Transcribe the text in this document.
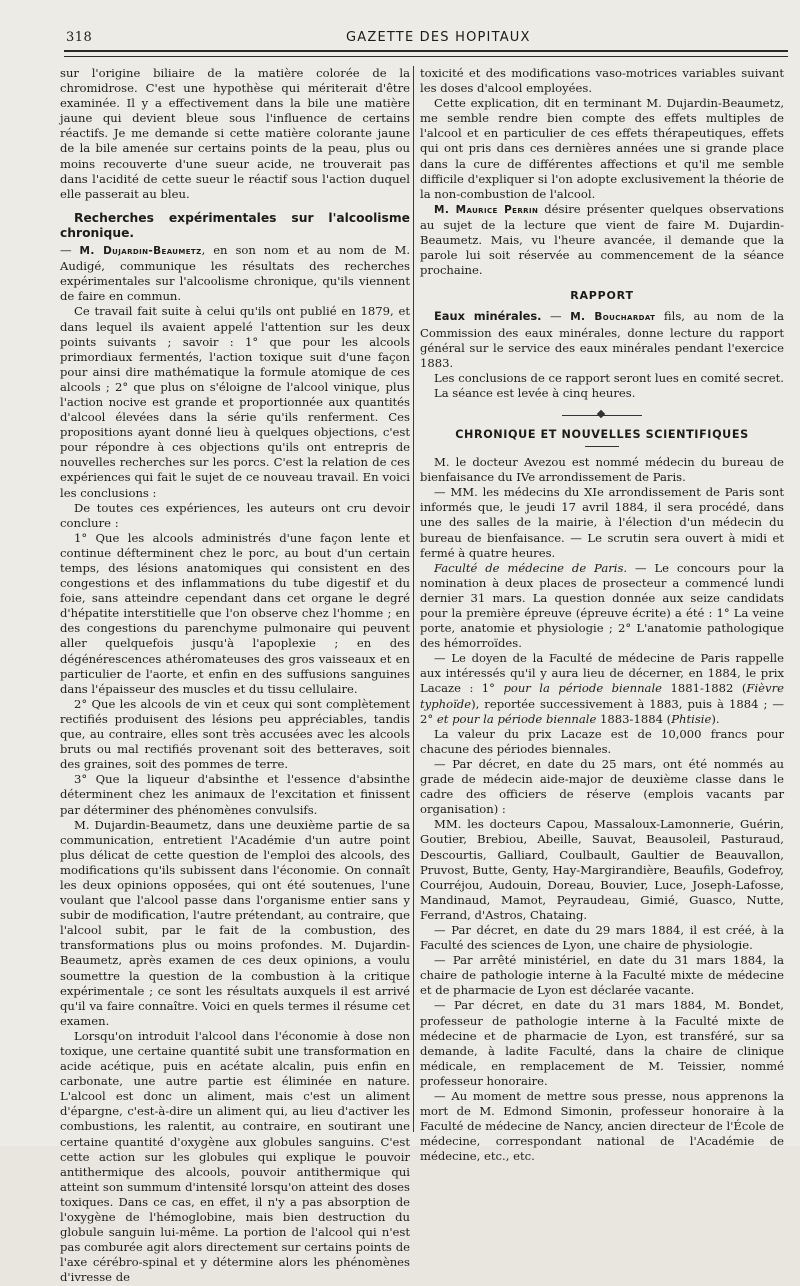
318	GAZETTE DES HOPITAUX

sur l'origine biliaire de la matière colorée de la chromidrose. C'est une hypothèse qui mériterait d'être examinée. Il y a effectivement dans la bile une matière jaune qui devient bleue sous l'influence de certains réactifs. Je me demande si cette matière colorante jaune de la bile amenée sur certains points de la peau, plus ou moins recouverte d'une sueur acide, ne trouverait pas dans l'acidité de cette sueur le réactif sous l'action duquel elle passerait au bleu.

Recherches expérimentales sur l'alcoolisme chronique.

— M. Dujardin-Beaumetz, en son nom et au nom de M. Audigé, communique les résultats des recherches expérimentales sur l'alcoolisme chronique, qu'ils viennent de faire en commun.

Ce travail fait suite à celui qu'ils ont publié en 1879, et dans lequel ils avaient appelé l'attention sur les deux points suivants ; savoir : 1° que pour les alcools primordiaux fermentés, l'action toxique suit d'une façon pour ainsi dire mathématique la formule atomique de ces alcools ; 2° que plus on s'éloigne de l'alcool vinique, plus l'action nocive est grande et proportionnée aux quantités d'alcool élevées dans la série qu'ils renferment. Ces propositions ayant donné lieu à quelques objections, c'est pour répondre à ces objections qu'ils ont entrepris de nouvelles recherches sur les porcs. C'est la relation de ces expériences qui fait le sujet de ce nouveau travail. En voici les conclusions :

De toutes ces expériences, les auteurs ont cru devoir conclure :

1° Que les alcools administrés d'une façon lente et continue défterminent chez le porc, au bout d'un certain temps, des lésions anatomiques qui consistent en des congestions et des inflammations du tube digestif et du foie, sans atteindre cependant dans cet organe le degré d'hépatite interstitielle que l'on observe chez l'homme ; en des congestions du parenchyme pulmonaire qui peuvent aller quelquefois jusqu'à l'apoplexie ; en des dégénérescences athéromateuses des gros vaisseaux et en particulier de l'aorte, et enfin en des suffusions sanguines dans l'épaisseur des muscles et du tissu cellulaire.

2° Que les alcools de vin et ceux qui sont complètement rectifiés produisent des lésions peu appréciables, tandis que, au contraire, elles sont très accusées avec les alcools bruts ou mal rectifiés provenant soit des betteraves, soit des graines, soit des pommes de terre.

3° Que la liqueur d'absinthe et l'essence d'absinthe déterminent chez les animaux de l'excitation et finissent par déterminer des phénomènes convulsifs.

M. Dujardin-Beaumetz, dans une deuxième partie de sa communication, entretient l'Académie d'un autre point plus délicat de cette question de l'emploi des alcools, des modifications qu'ils subissent dans l'économie. On connaît les deux opinions opposées, qui ont été soutenues, l'une voulant que l'alcool passe dans l'organisme entier sans y subir de modification, l'autre prétendant, au contraire, que l'alcool subit, par le fait de la combustion, des transformations plus ou moins profondes. M. Dujardin-Beaumetz, après examen de ces deux opinions, a voulu soumettre la question de la combustion à la critique expérimentale ; ce sont les résultats auxquels il est arrivé qu'il va faire connaître. Voici en quels termes il résume cet examen.

Lorsqu'on introduit l'alcool dans l'économie à dose non toxique, une certaine quantité subit une transformation en acide acétique, puis en acétate alcalin, puis enfin en carbonate, une autre partie est éliminée en nature. L'alcool est donc un aliment, mais c'est un aliment d'épargne, c'est-à-dire un aliment qui, au lieu d'activer les combustions, les ralentit, au contraire, en soutirant une certaine quantité d'oxygène aux globules sanguins. C'est cette action sur les globules qui explique le pouvoir antithermique des alcools, pouvoir antithermique qui atteint son summum d'intensité lorsqu'on atteint des doses toxiques. Dans ce cas, en effet, il n'y a pas absorption de l'oxygène de l'hémoglobine, mais bien destruction du globule sanguin lui-même. La portion de l'alcool qui n'est pas comburée agit alors directement sur certains points de l'axe cérébro-spinal et y détermine alors les phénomènes d'ivresse de

toxicité et des modifications vaso-motrices variables suivant les doses d'alcool employées.

Cette explication, dit en terminant M. Dujardin-Beaumetz, me semble rendre bien compte des effets multiples de l'alcool et en particulier de ces effets thérapeutiques, effets qui ont pris dans ces dernières années une si grande place dans la cure de différentes affections et qu'il me semble difficile d'expliquer si l'on adopte exclusivement la théorie de la non-combustion de l'alcool.

M. Maurice Perrin désire présenter quelques observations au sujet de la lecture que vient de faire M. Dujardin-Beaumetz. Mais, vu l'heure avancée, il demande que la parole lui soit réservée au commencement de la séance prochaine.

RAPPORT

Eaux minérales. — M. Bouchardat fils, au nom de la Commission des eaux minérales, donne lecture du rapport général sur le service des eaux minérales pendant l'exercice 1883.

Les conclusions de ce rapport seront lues en comité secret.

La séance est levée à cinq heures.

CHRONIQUE ET NOUVELLES SCIENTIFIQUES

M. le docteur Avezou est nommé médecin du bureau de bienfaisance du IVe arrondissement de Paris.

— MM. les médecins du XIe arrondissement de Paris sont informés que, le jeudi 17 avril 1884, il sera procédé, dans une des salles de la mairie, à l'élection d'un médecin du bureau de bienfaisance. — Le scrutin sera ouvert à midi et fermé à quatre heures.

Faculté de médecine de Paris. — Le concours pour la nomination à deux places de prosecteur a commencé lundi dernier 31 mars. La question donnée aux seize candidats pour la première épreuve (épreuve écrite) a été : 1° La veine porte, anatomie et physiologie ; 2° L'anatomie pathologique des hémorroïdes.

— Le doyen de la Faculté de médecine de Paris rappelle aux intéressés qu'il y aura lieu de décerner, en 1884, le prix Lacaze : 1° pour la période biennale 1881-1882 (Fièvre typhoïde), reportée successivement à 1883, puis à 1884 ; — 2° et pour la période biennale 1883-1884 (Phtisie).

La valeur du prix Lacaze est de 10,000 francs pour chacune des périodes biennales.

— Par décret, en date du 25 mars, ont été nommés au grade de médecin aide-major de deuxième classe dans le cadre des officiers de réserve (emplois vacants par organisation) :

MM. les docteurs Capou, Massaloux-Lamonnerie, Guérin, Goutier, Brebiou, Abeille, Sauvat, Beausoleil, Pasturaud, Descourtis, Galliard, Coulbault, Gaultier de Beauvallon, Pruvost, Butte, Genty, Hay-Margirandière, Beaufils, Godefroy, Courréjou, Audouin, Doreau, Bouvier, Luce, Joseph-Lafosse, Mandinaud, Mamot, Peyraudeau, Gimié, Guasco, Nutte, Ferrand, d'Astros, Chataing.

— Par décret, en date du 29 mars 1884, il est créé, à la Faculté des sciences de Lyon, une chaire de physiologie.

— Par arrêté ministériel, en date du 31 mars 1884, la chaire de pathologie interne à la Faculté mixte de médecine et de pharmacie de Lyon est déclarée vacante.

— Par décret, en date du 31 mars 1884, M. Bondet, professeur de pathologie interne à la Faculté mixte de médecine et de pharmacie de Lyon, est transféré, sur sa demande, à ladite Faculté, dans la chaire de clinique médicale, en remplacement de M. Teissier, nommé professeur honoraire.

— Au moment de mettre sous presse, nous apprenons la mort de M. Edmond Simonin, professeur honoraire à la Faculté de médecine de Nancy, ancien directeur de l'École de médecine, correspondant national de l'Académie de médecine, etc., etc.
